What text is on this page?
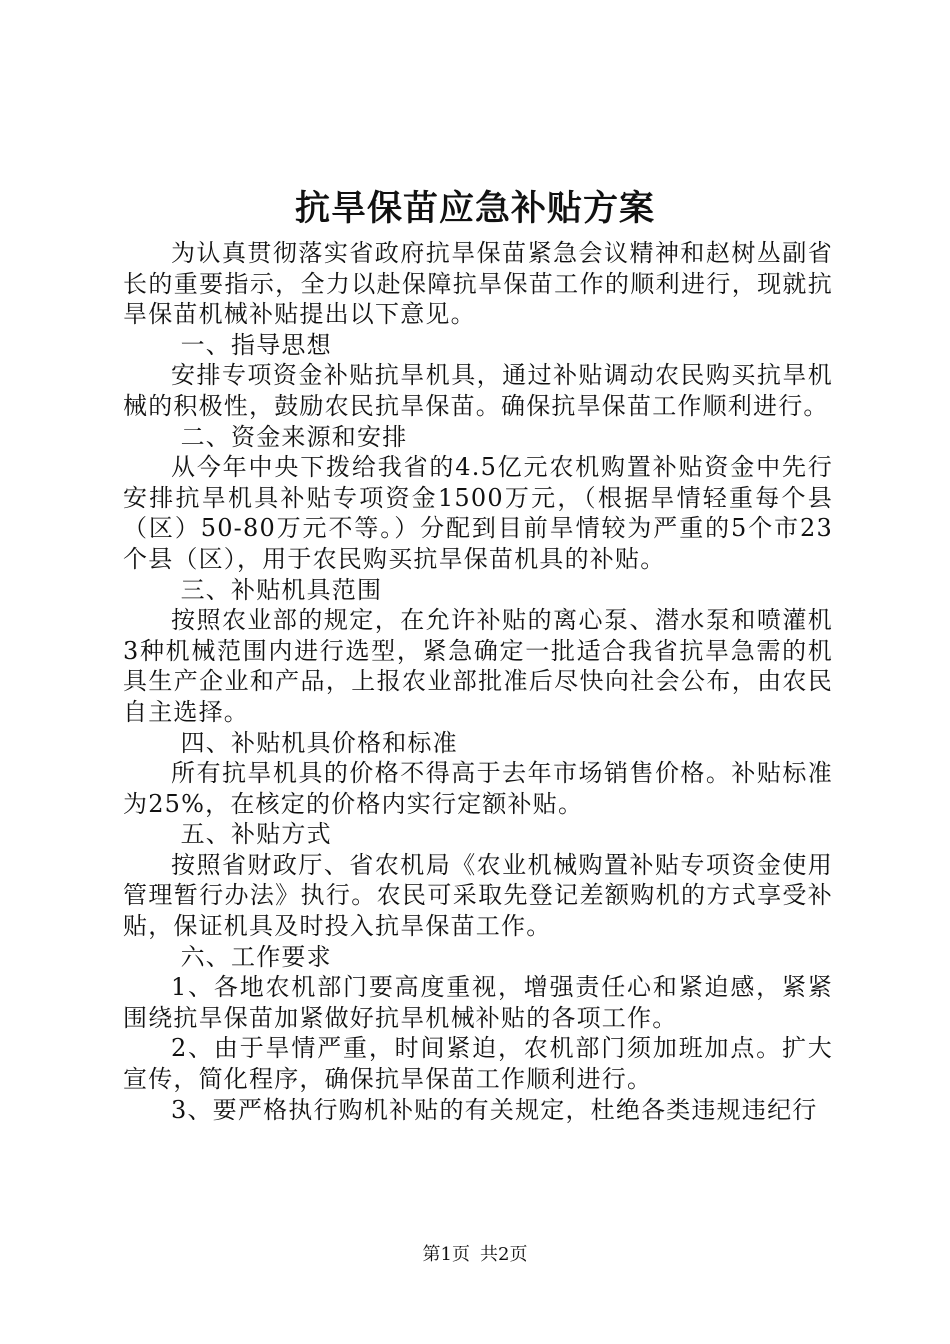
抗旱保苗应急补贴方案

为认真贯彻落实省政府抗旱保苗紧急会议精神和赵树丛副省长的重要指示，全力以赴保障抗旱保苗工作的顺利进行，现就抗旱保苗机械补贴提出以下意见。

一、指导思想

安排专项资金补贴抗旱机具，通过补贴调动农民购买抗旱机械的积极性，鼓励农民抗旱保苗。确保抗旱保苗工作顺利进行。

二、资金来源和安排

从今年中央下拨给我省的4.5亿元农机购置补贴资金中先行安排抗旱机具补贴专项资金1500万元，（根据旱情轻重每个县（区）50-80万元不等。）分配到目前旱情较为严重的5个市23个县（区），用于农民购买抗旱保苗机具的补贴。

三、补贴机具范围

按照农业部的规定，在允许补贴的离心泵、潜水泵和喷灌机3种机械范围内进行选型，紧急确定一批适合我省抗旱急需的机具生产企业和产品，上报农业部批准后尽快向社会公布，由农民自主选择。

四、补贴机具价格和标准

所有抗旱机具的价格不得高于去年市场销售价格。补贴标准为25%，在核定的价格内实行定额补贴。

五、补贴方式

按照省财政厅、省农机局《农业机械购置补贴专项资金使用管理暂行办法》执行。农民可采取先登记差额购机的方式享受补贴，保证机具及时投入抗旱保苗工作。

六、工作要求

1、各地农机部门要高度重视，增强责任心和紧迫感，紧紧围绕抗旱保苗加紧做好抗旱机械补贴的各项工作。

2、由于旱情严重，时间紧迫，农机部门须加班加点。扩大宣传，简化程序，确保抗旱保苗工作顺利进行。

3、要严格执行购机补贴的有关规定，杜绝各类违规违纪行

第1页 共2页
